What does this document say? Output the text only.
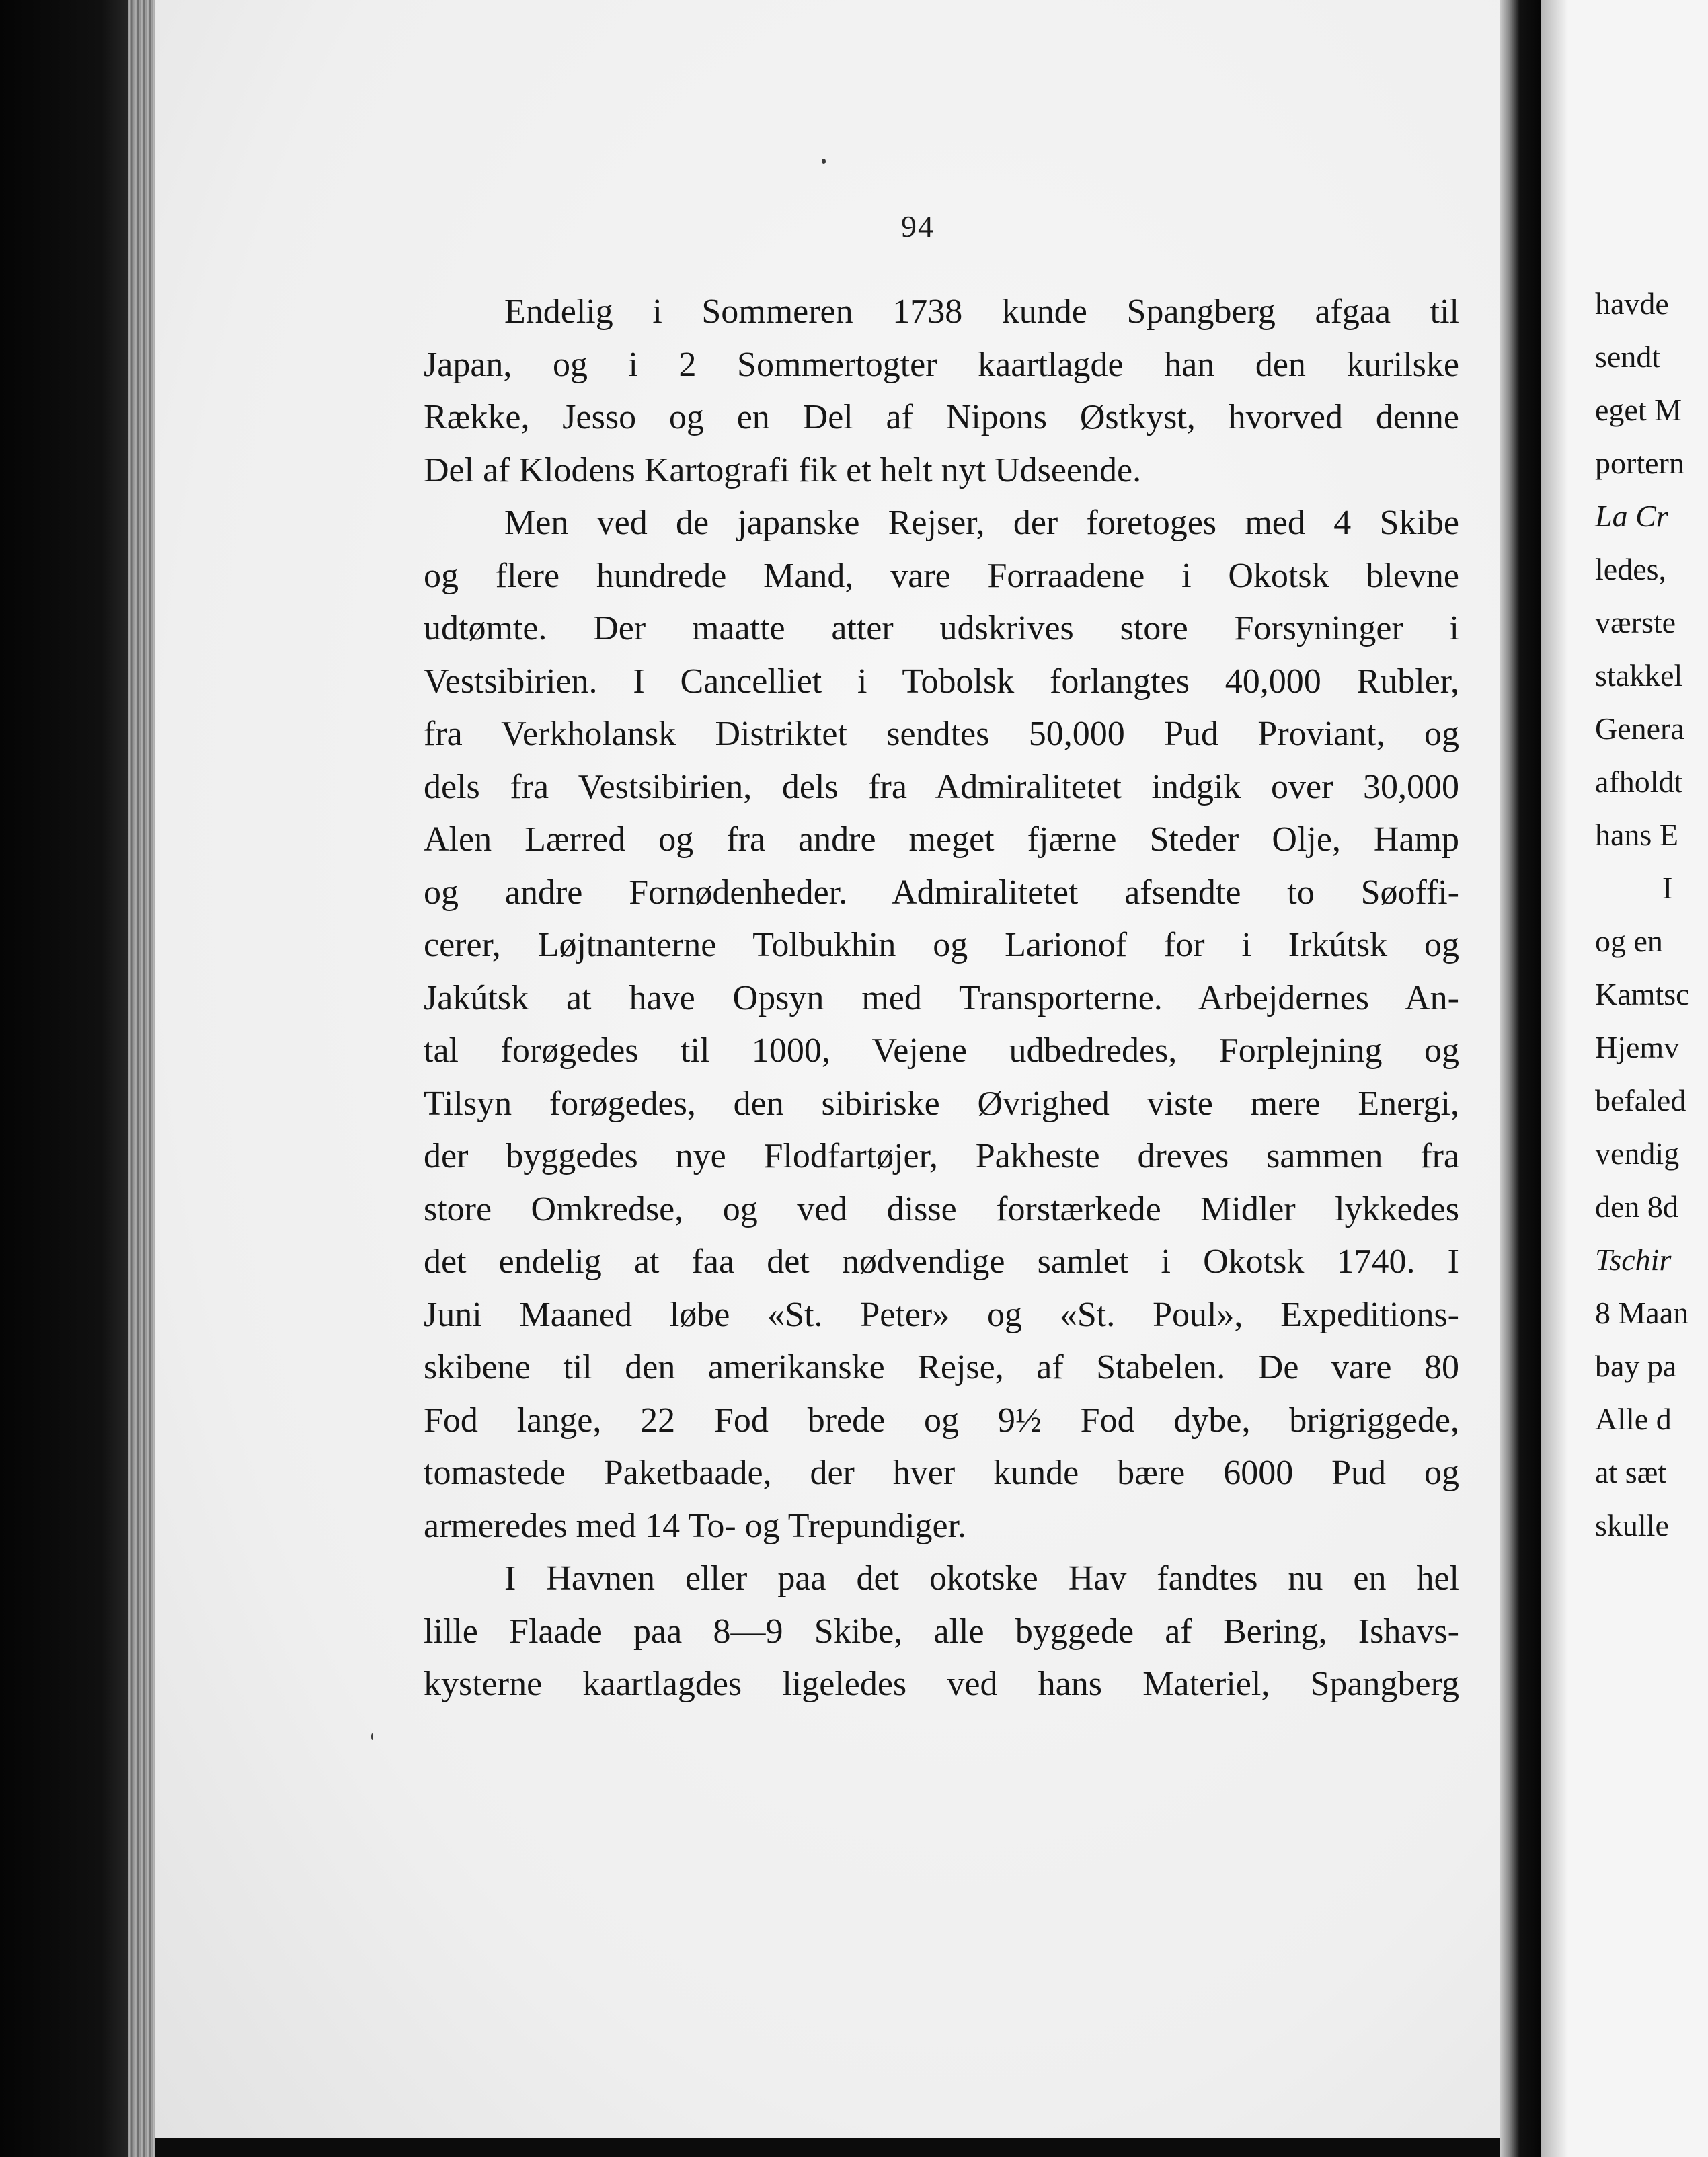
94
Endelig i Sommeren 1738 kunde Spangberg afgaa til
Japan, og i 2 Sommertogter kaartlagde han den kurilske
Række, Jesso og en Del af Nipons Østkyst, hvorved denne
Del af Klodens Kartografi fik et helt nyt Udseende.
Men ved de japanske Rejser, der foretoges med 4 Skibe
og flere hundrede Mand, vare Forraadene i Okotsk blevne
udtømte. Der maatte atter udskrives store Forsyninger i
Vestsibirien. I Cancelliet i Tobolsk forlangtes 40,000 Rubler,
fra Verkholansk Distriktet sendtes 50,000 Pud Proviant, og
dels fra Vestsibirien, dels fra Admiralitetet indgik over 30,000
Alen Lærred og fra andre meget fjærne Steder Olje, Hamp
og andre Fornødenheder. Admiralitetet afsendte to Søoffi-
cerer, Løjtnanterne Tolbukhin og Larionof for i Irkútsk og
Jakútsk at have Opsyn med Transporterne. Arbejdernes An-
tal forøgedes til 1000, Vejene udbedredes, Forplejning og
Tilsyn forøgedes, den sibiriske Øvrighed viste mere Energi,
der byggedes nye Flodfartøjer, Pakheste dreves sammen fra
store Omkredse, og ved disse forstærkede Midler lykkedes
det endelig at faa det nødvendige samlet i Okotsk 1740. I
Juni Maaned løbe «St. Peter» og «St. Poul», Expeditions-
skibene til den amerikanske Rejse, af Stabelen. De vare 80
Fod lange, 22 Fod brede og 9½ Fod dybe, brigriggede,
tomastede Paketbaade, der hver kunde bære 6000 Pud og
armeredes med 14 To- og Trepundiger.
I Havnen eller paa det okotske Hav fandtes nu en hel
lille Flaade paa 8—9 Skibe, alle byggede af Bering, Ishavs-
kysterne kaartlagdes ligeledes ved hans Materiel, Spangberg
havde
sendt
eget M
portern
La Cr
ledes,
værste
stakkel
Genera
afholdt
hans E
I
og en
Kamtsc
Hjemv
befaled
vendig
den 8d
Tschir
8 Maan
bay pa
Alle d
at sæt
skulle
